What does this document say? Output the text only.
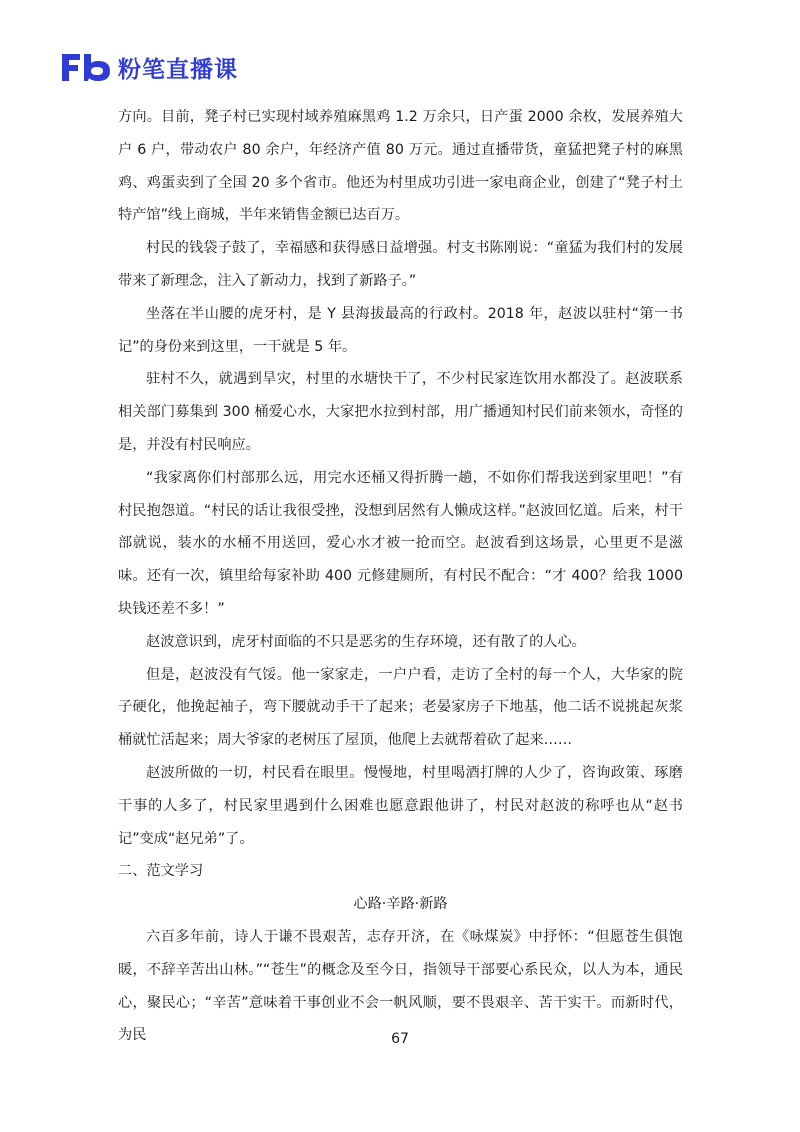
粉笔直播课

方向。目前，凳子村已实现村域养殖麻黑鸡 1.2 万余只，日产蛋 2000 余枚，发展养殖大户 6 户，带动农户 80 余户，年经济产值 80 万元。通过直播带货，童猛把凳子村的麻黑鸡、鸡蛋卖到了全国 20 多个省市。他还为村里成功引进一家电商企业，创建了“凳子村土特产馆”线上商城，半年来销售金额已达百万。

村民的钱袋子鼓了，幸福感和获得感日益增强。村支书陈刚说：“童猛为我们村的发展带来了新理念，注入了新动力，找到了新路子。”

坐落在半山腰的虎牙村，是 Y 县海拔最高的行政村。2018 年，赵波以驻村“第一书记”的身份来到这里，一干就是 5 年。

驻村不久，就遇到旱灾，村里的水塘快干了，不少村民家连饮用水都没了。赵波联系相关部门募集到 300 桶爱心水，大家把水拉到村部，用广播通知村民们前来领水，奇怪的是，并没有村民响应。

“我家离你们村部那么远，用完水还桶又得折腾一趟，不如你们帮我送到家里吧！”有村民抱怨道。“村民的话让我很受挫，没想到居然有人懒成这样。”赵波回忆道。后来，村干部就说，装水的水桶不用送回，爱心水才被一抢而空。赵波看到这场景，心里更不是滋味。还有一次，镇里给每家补助 400 元修建厕所，有村民不配合：“才 400？给我 1000 块钱还差不多！”

赵波意识到，虎牙村面临的不只是恶劣的生存环境，还有散了的人心。

但是，赵波没有气馁。他一家家走，一户户看，走访了全村的每一个人，大华家的院子硬化，他挽起袖子，弯下腰就动手干了起来；老晏家房子下地基，他二话不说挑起灰浆桶就忙活起来；周大爷家的老树压了屋顶，他爬上去就帮着砍了起来……

赵波所做的一切，村民看在眼里。慢慢地，村里喝酒打牌的人少了，咨询政策、琢磨干事的人多了，村民家里遇到什么困难也愿意跟他讲了，村民对赵波的称呼也从“赵书记”变成“赵兄弟”了。

二、范文学习

心路·辛路·新路

六百多年前，诗人于谦不畏艰苦，志存开济，在《咏煤炭》中抒怀：“但愿苍生俱饱暖，不辞辛苦出山林。”“苍生”的概念及至今日，指领导干部要心系民众，以人为本，通民心，聚民心；“辛苦”意味着干事创业不会一帆风顺，要不畏艰辛、苦干实干。而新时代，为民	67
